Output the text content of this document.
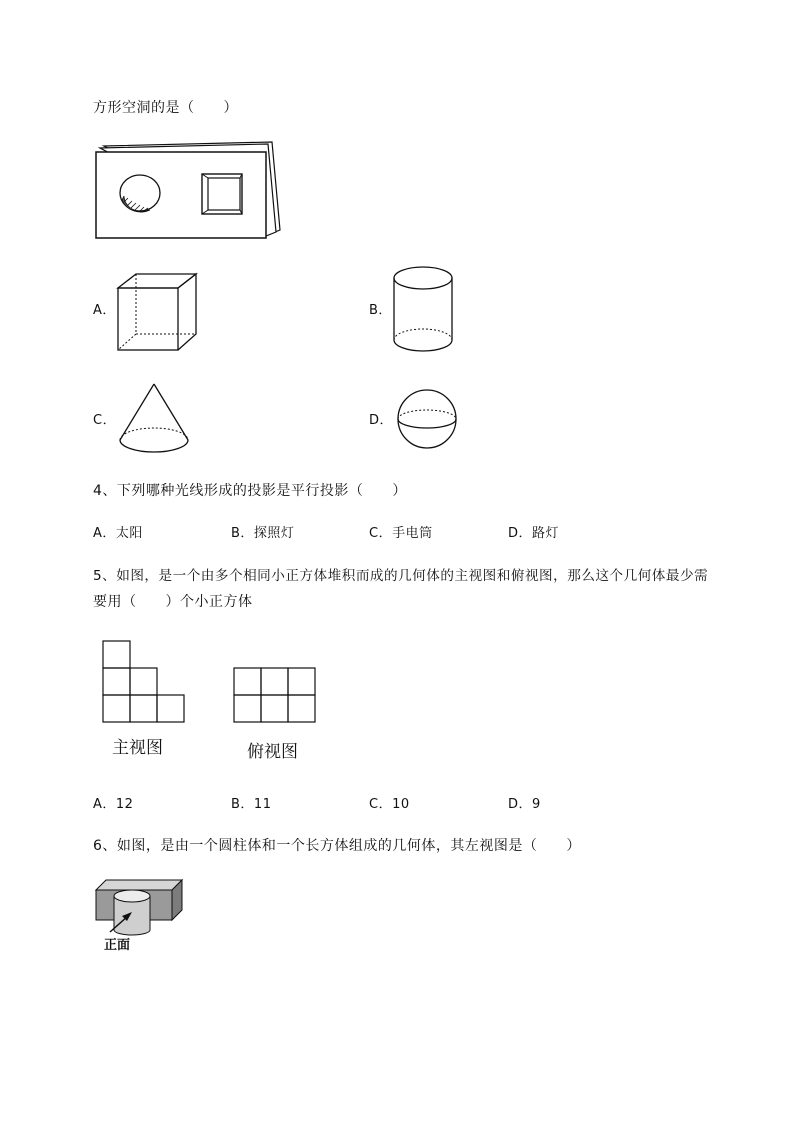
方形空洞的是（　　）
A．	B．
C．	D．
4、下列哪种光线形成的投影是平行投影（　　）
A．太阳	B．探照灯	C．手电筒	D．路灯
5、如图，是一个由多个相同小正方体堆积而成的几何体的主视图和俯视图，那么这个几何体最少需
要用（　　）个小正方体
主视图	俯视图
A．12	B．11	C．10	D．9
6、如图，是由一个圆柱体和一个长方体组成的几何体，其左视图是（　　）
正面
